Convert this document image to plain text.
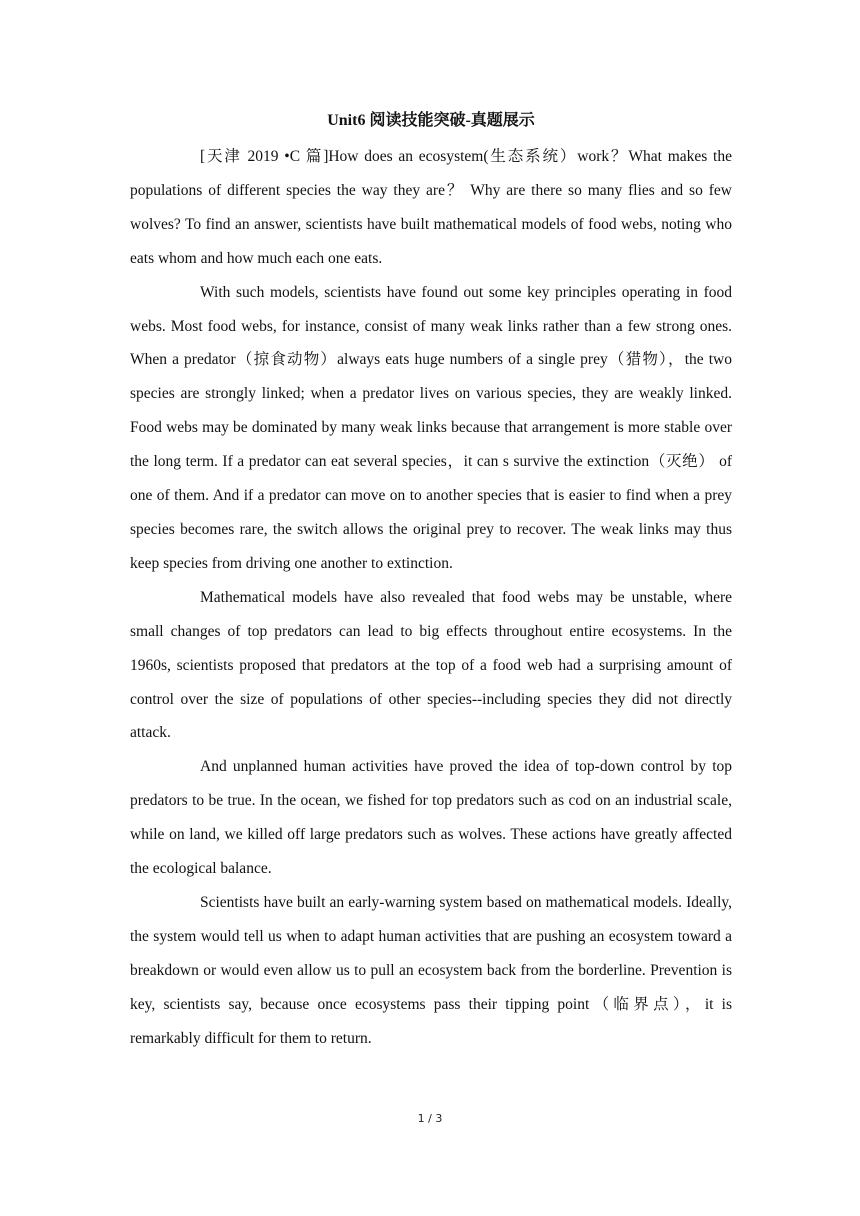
Unit6 阅读技能突破-真题展示

[天津 2019 •C 篇]How does an ecosystem(生态系统）work？What makes the populations of different species the way they are？ Why are there so many flies and so few wolves? To find an answer, scientists have built mathematical models of food webs, noting who eats whom and how much each one eats.

With such models, scientists have found out some key principles operating in food webs. Most food webs, for instance, consist of many weak links rather than a few strong ones. When a predator（掠食动物）always eats huge numbers of a single prey（猎物），the two species are strongly linked; when a predator lives on various species, they are weakly linked. Food webs may be dominated by many weak links because that arrangement is more stable over the long term. If a predator can eat several species，it can s survive the extinction（灭绝） of one of them. And if a predator can move on to another species that is easier to find when a prey species becomes rare, the switch allows the original prey to recover. The weak links may thus keep species from driving one another to extinction.

Mathematical models have also revealed that food webs may be unstable, where small changes of top predators can lead to big effects throughout entire ecosystems. In the 1960s, scientists proposed that predators at the top of a food web had a surprising amount of control over the size of populations of other species--including species they did not directly attack.

And unplanned human activities have proved the idea of top-down control by top predators to be true. In the ocean, we fished for top predators such as cod on an industrial scale, while on land, we killed off large predators such as wolves. These actions have greatly affected the ecological balance.

Scientists have built an early-warning system based on mathematical models. Ideally, the system would tell us when to adapt human activities that are pushing an ecosystem toward a breakdown or would even allow us to pull an ecosystem back from the borderline. Prevention is key, scientists say, because once ecosystems pass their tipping point（临界点），it is remarkably difficult for them to return.

1 / 3
